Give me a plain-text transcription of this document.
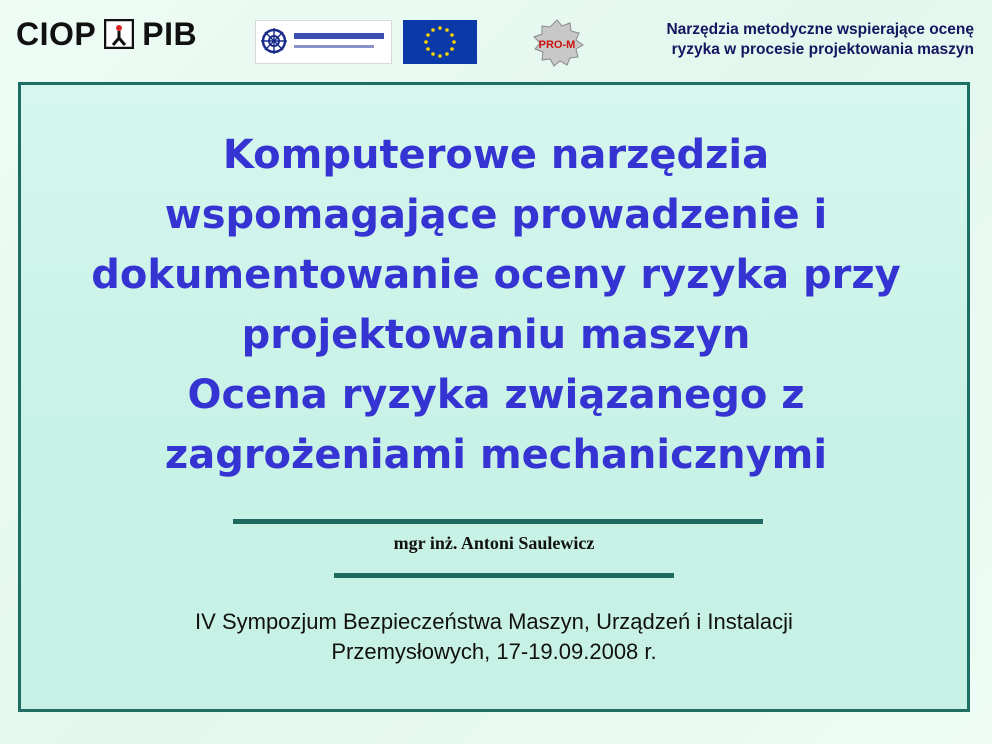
CIOP PIB	PRO-M
Narzędzia metodyczne wspierające ocenę
ryzyka w procesie projektowania maszyn
Komputerowe narzędzia
wspomagające prowadzenie i
dokumentowanie oceny ryzyka przy
projektowaniu maszyn
Ocena ryzyka związanego z
zagrożeniami mechanicznymi
mgr inż. Antoni Saulewicz
IV Sympozjum Bezpieczeństwa Maszyn, Urządzeń i Instalacji
Przemysłowych, 17-19.09.2008 r.
